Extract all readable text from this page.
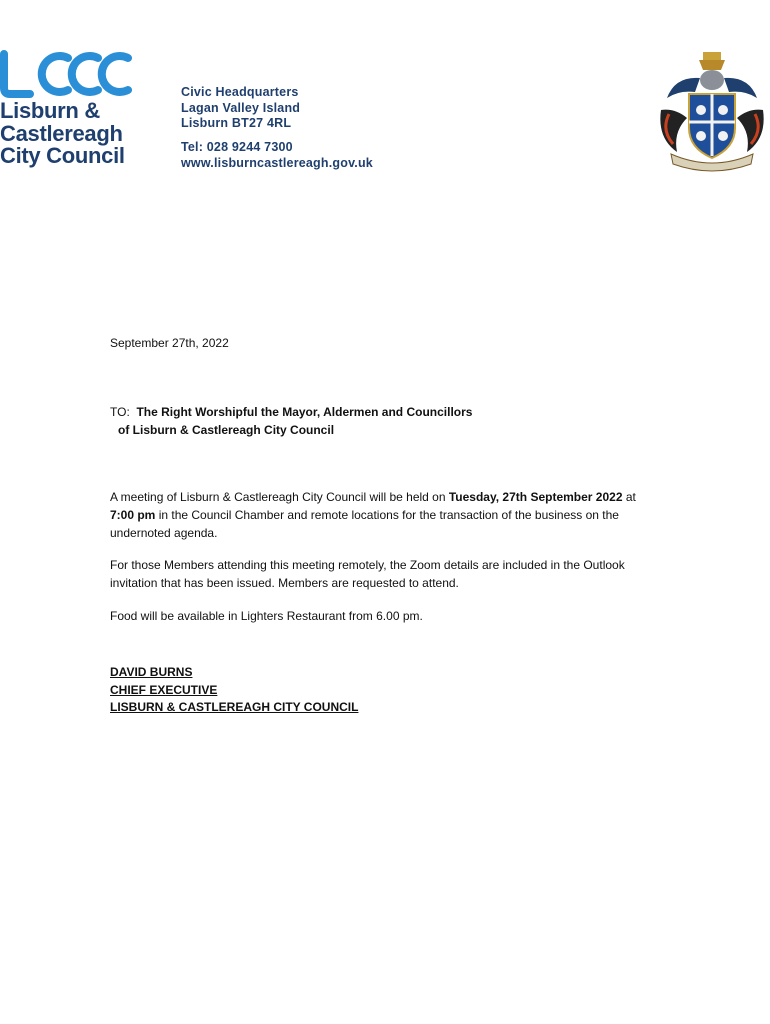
Lisburn &
Castlereagh
City Council
Civic Headquarters
Lagan Valley Island
Lisburn BT27 4RL
Tel: 028 9244 7300
www.lisburncastlereagh.gov.uk
September 27th, 2022
TO: The Right Worshipful the Mayor, Aldermen and Councillors
of Lisburn & Castlereagh City Council
A meeting of Lisburn & Castlereagh City Council will be held on Tuesday, 27th September 2022 at 7:00 pm in the Council Chamber and remote locations for the transaction of the business on the undernoted agenda.
For those Members attending this meeting remotely, the Zoom details are included in the Outlook invitation that has been issued. Members are requested to attend.
Food will be available in Lighters Restaurant from 6.00 pm.
DAVID BURNS
CHIEF EXECUTIVE
LISBURN & CASTLEREAGH CITY COUNCIL
